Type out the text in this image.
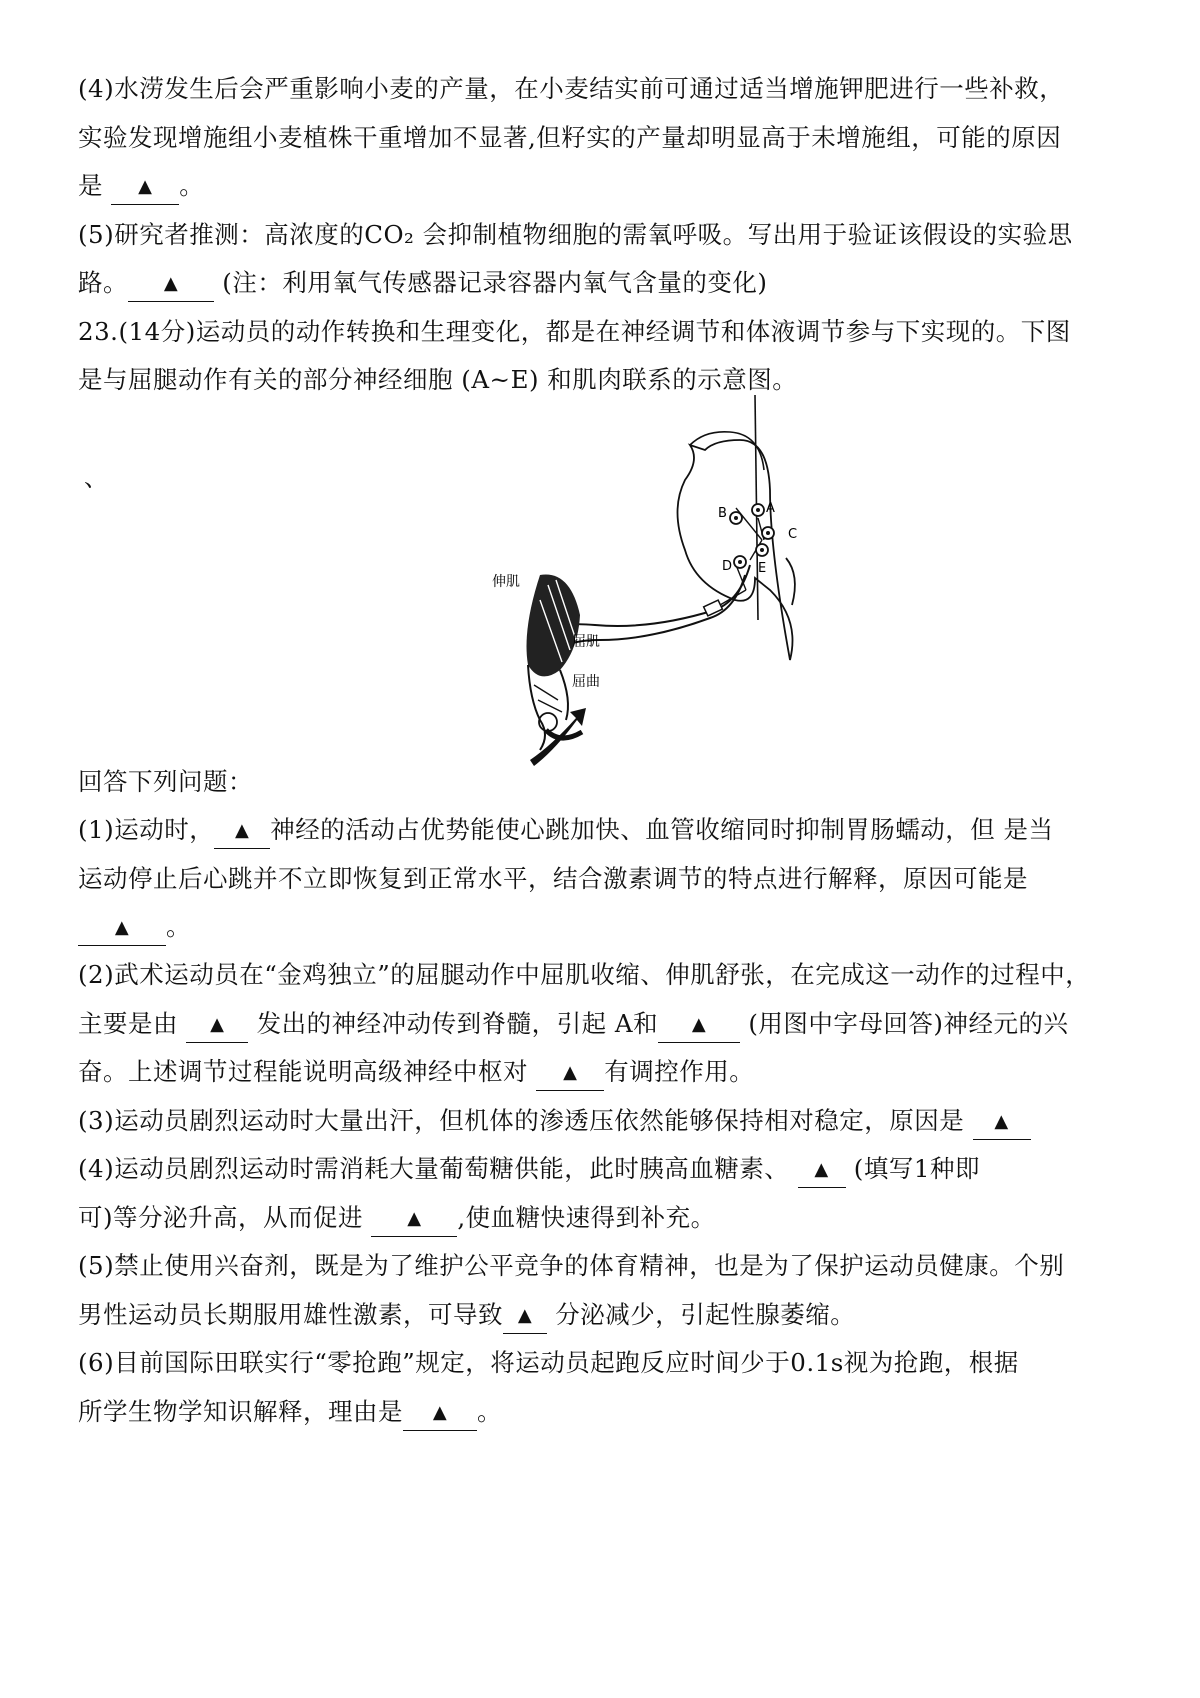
(4)水涝发生后会严重影响小麦的产量，在小麦结实前可通过适当增施钾肥进行一些补救，
实验发现增施组小麦植株干重增加不显著,但籽实的产量却明显高于未增施组，可能的原因
是 ▲ 。
(5)研究者推测：高浓度的CO₂ 会抑制植物细胞的需氧呼吸。写出用于验证该假设的实验思
路。 ▲ (注：利用氧气传感器记录容器内氧气含量的变化)
23.(14分)运动员的动作转换和生理变化，都是在神经调节和体液调节参与下实现的。下图
是与屈腿动作有关的部分神经细胞 (A~E) 和肌肉联系的示意图。
、
A
B
C
D E
伸肌
屈肌
屈曲
回答下列问题：
(1)运动时， ▲ 神经的活动占优势能使心跳加快、血管收缩同时抑制胃肠蠕动，但 是当
运动停止后心跳并不立即恢复到正常水平，结合激素调节的特点进行解释，原因可能是
▲ 。
(2)武术运动员在“金鸡独立”的屈腿动作中屈肌收缩、伸肌舒张，在完成这一动作的过程中，
主要是由 ▲ 发出的神经冲动传到脊髓，引起 A和 ▲ (用图中字母回答)神经元的兴
奋。上述调节过程能说明高级神经中枢对 ▲ 有调控作用。
(3)运动员剧烈运动时大量出汗，但机体的渗透压依然能够保持相对稳定，原因是 ▲
(4)运动员剧烈运动时需消耗大量葡萄糖供能，此时胰高血糖素、 ▲ (填写1种即
可)等分泌升高，从而促进 ▲ ,使血糖快速得到补充。
(5)禁止使用兴奋剂，既是为了维护公平竞争的体育精神，也是为了保护运动员健康。个别
男性运动员长期服用雄性激素，可导致 ▲ 分泌减少，引起性腺萎缩。
(6)目前国际田联实行“零抢跑”规定，将运动员起跑反应时间少于0.1s视为抢跑，根据
所学生物学知识解释，理由是 ▲ 。
